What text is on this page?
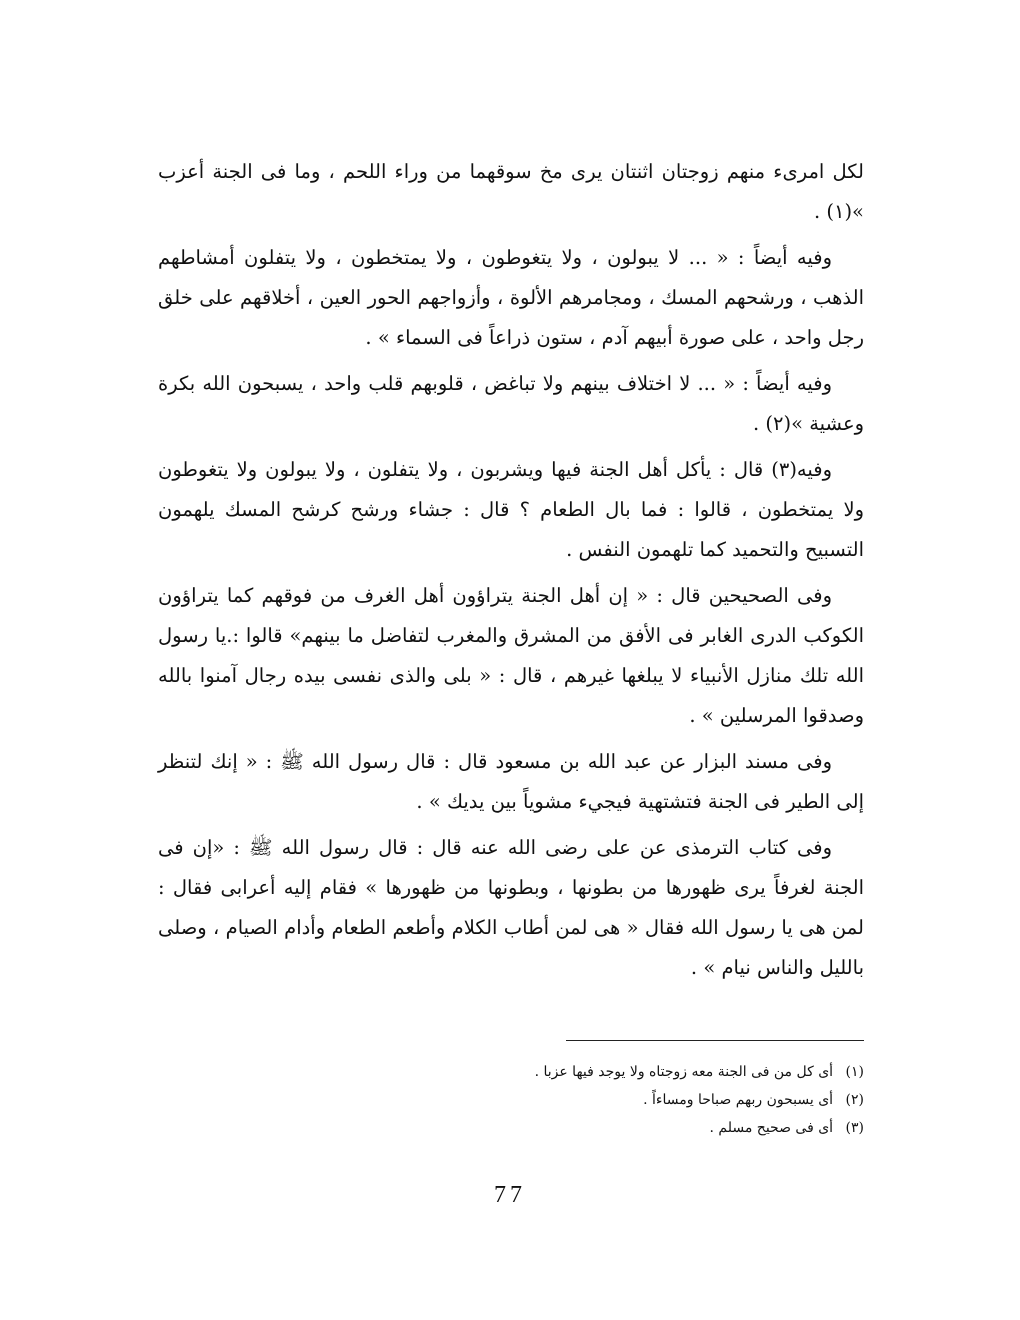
لكل امرىء منهم زوجتان اثنتان يرى مخ سوقهما من وراء اللحم ، وما فى الجنة أعزب »(١) .

وفيه أيضاً : « ... لا يبولون ، ولا يتغوطون ، ولا يمتخطون ، ولا يتفلون أمشاطهم الذهب ، ورشحهم المسك ، ومجامرهم الألوة ، وأزواجهم الحور العين ، أخلاقهم على خلق رجل واحد ، على صورة أبيهم آدم ، ستون ذراعاً فى السماء » .

وفيه أيضاً : « ... لا اختلاف بينهم ولا تباغض ، قلوبهم قلب واحد ، يسبحون الله بكرة وعشية »(٢) .

وفيه(٣) قال : يأكل أهل الجنة فيها ويشربون ، ولا يتفلون ، ولا يبولون ولا يتغوطون ولا يمتخطون ، قالوا : فما بال الطعام ؟ قال : جشاء ورشح كرشح المسك يلهمون التسبيح والتحميد كما تلهمون النفس .

وفى الصحيحين قال : « إن أهل الجنة يتراؤون أهل الغرف من فوقهم كما يتراؤون الكوكب الدرى الغابر فى الأفق من المشرق والمغرب لتفاضل ما بينهم» قالوا :.يا رسول الله تلك منازل الأنبياء لا يبلغها غيرهم ، قال : « بلى والذى نفسى بيده رجال آمنوا بالله وصدقوا المرسلين » .

وفى مسند البزار عن عبد الله بن مسعود قال : قال رسول الله ﷺ : « إنك لتنظر إلى الطير فى الجنة فتشتهية فيجيء مشوياً بين يديك » .

وفى كتاب الترمذى عن على رضى الله عنه قال : قال رسول الله ﷺ : «إن فى الجنة لغرفاً يرى ظهورها من بطونها ، وبطونها من ظهورها » فقام إليه أعرابى فقال : لمن هى يا رسول الله فقال « هى لمن أطاب الكلام وأطعم الطعام وأدام الصيام ، وصلى بالليل والناس نيام » .

(١) أى كل من فى الجنة معه زوجتاه ولا يوجد فيها عزبا .
(٢) أى يسبحون ربهم صباحا ومساءاً .
(٣) أى فى صحيح مسلم .
77
